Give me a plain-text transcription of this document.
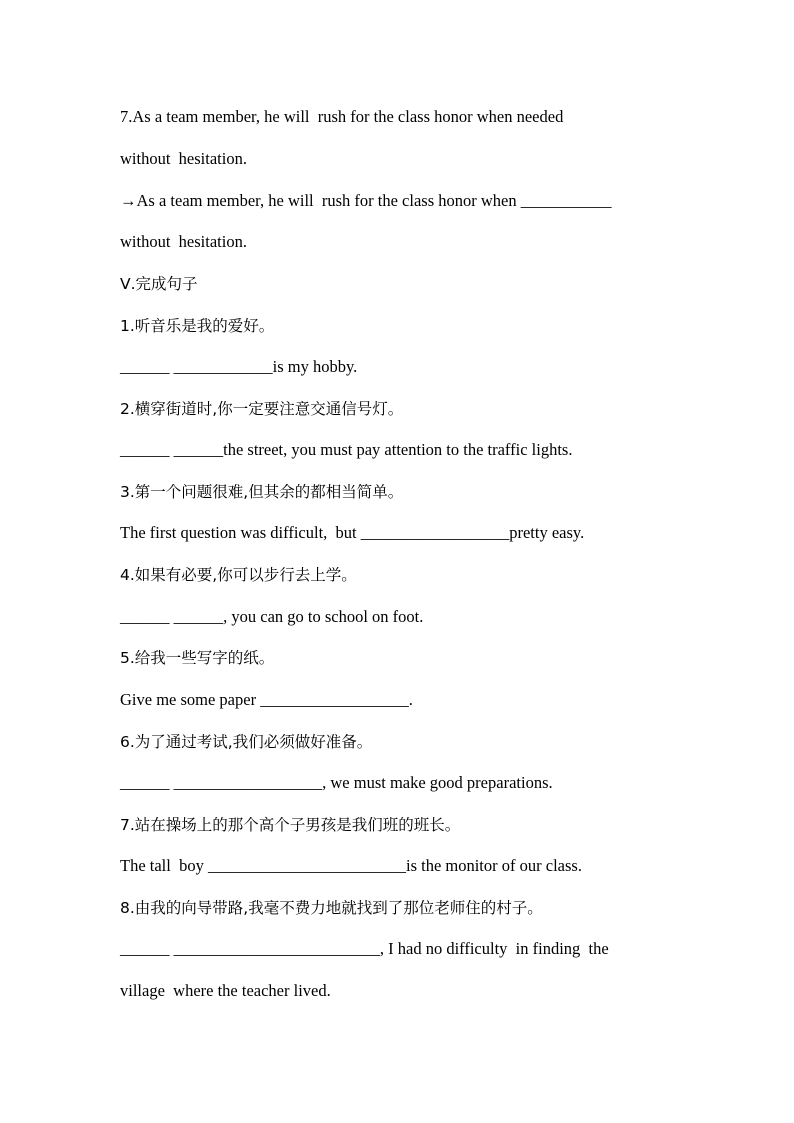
7.As a team member, he will  rush for the class honor when needed
without  hesitation.
→As a team member, he will  rush for the class honor when ___________
without  hesitation.
Ⅴ.完成句子
1.听音乐是我的爱好。
______ ____________is my hobby.
2.横穿街道时,你一定要注意交通信号灯。
______ ______the street, you must pay attention to the traffic lights.
3.第一个问题很难,但其余的都相当简单。
The first question was difficult,  but __________________pretty easy.
4.如果有必要,你可以步行去上学。
______ ______, you can go to school on foot.
5.给我一些写字的纸。
Give me some paper __________________.
6.为了通过考试,我们必须做好准备。
______ __________________, we must make good preparations.
7.站在操场上的那个高个子男孩是我们班的班长。
The tall  boy ________________________is the monitor of our class.
8.由我的向导带路,我毫不费力地就找到了那位老师住的村子。
______ _________________________, I had no difficulty  in finding  the
village  where the teacher lived.
